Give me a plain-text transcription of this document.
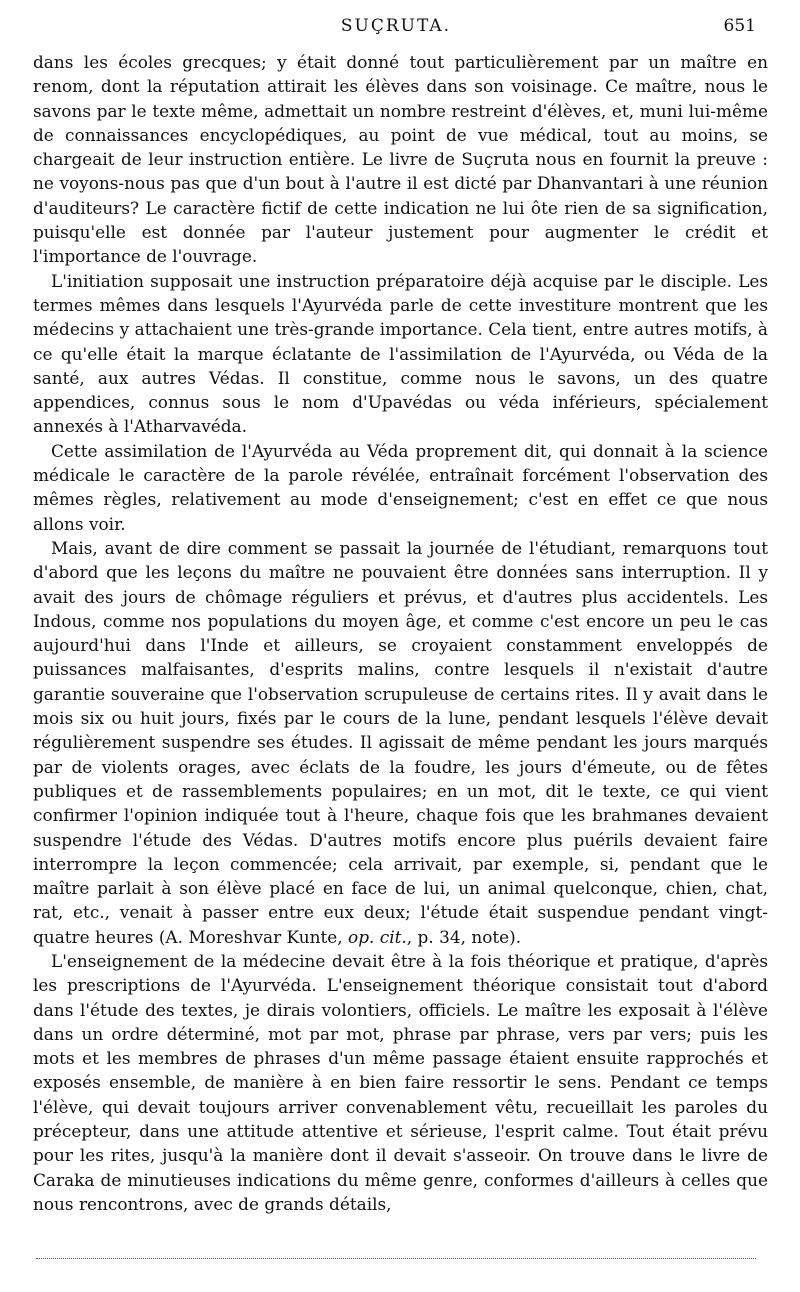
SUÇRUTA.	651

dans les écoles grecques; y était donné tout particulièrement par un maître en renom, dont la réputation attirait les élèves dans son voisinage. Ce maître, nous le savons par le texte même, admettait un nombre restreint d'élèves, et, muni lui-même de connaissances encyclopédiques, au point de vue médical, tout au moins, se chargeait de leur instruction entière. Le livre de Suçruta nous en fournit la preuve : ne voyons-nous pas que d'un bout à l'autre il est dicté par Dhanvantari à une réunion d'auditeurs? Le caractère fictif de cette indication ne lui ôte rien de sa signification, puisqu'elle est donnée par l'auteur justement pour augmenter le crédit et l'importance de l'ouvrage.

L'initiation supposait une instruction préparatoire déjà acquise par le disciple. Les termes mêmes dans lesquels l'Ayurvéda parle de cette investiture montrent que les médecins y attachaient une très-grande importance. Cela tient, entre autres motifs, à ce qu'elle était la marque éclatante de l'assimilation de l'Ayurvéda, ou Véda de la santé, aux autres Védas. Il constitue, comme nous le savons, un des quatre appendices, connus sous le nom d'Upavédas ou véda inférieurs, spécialement annexés à l'Atharvavéda.

Cette assimilation de l'Ayurvéda au Véda proprement dit, qui donnait à la science médicale le caractère de la parole révélée, entraînait forcément l'observation des mêmes règles, relativement au mode d'enseignement; c'est en effet ce que nous allons voir.

Mais, avant de dire comment se passait la journée de l'étudiant, remarquons tout d'abord que les leçons du maître ne pouvaient être données sans interruption. Il y avait des jours de chômage réguliers et prévus, et d'autres plus accidentels. Les Indous, comme nos populations du moyen âge, et comme c'est encore un peu le cas aujourd'hui dans l'Inde et ailleurs, se croyaient constamment enveloppés de puissances malfaisantes, d'esprits malins, contre lesquels il n'existait d'autre garantie souveraine que l'observation scrupuleuse de certains rites. Il y avait dans le mois six ou huit jours, fixés par le cours de la lune, pendant lesquels l'élève devait régulièrement suspendre ses études. Il agissait de même pendant les jours marqués par de violents orages, avec éclats de la foudre, les jours d'émeute, ou de fêtes publiques et de rassemblements populaires; en un mot, dit le texte, ce qui vient confirmer l'opinion indiquée tout à l'heure, chaque fois que les brahmanes devaient suspendre l'étude des Védas. D'autres motifs encore plus puérils devaient faire interrompre la leçon commencée; cela arrivait, par exemple, si, pendant que le maître parlait à son élève placé en face de lui, un animal quelconque, chien, chat, rat, etc., venait à passer entre eux deux; l'étude était suspendue pendant vingt-quatre heures (A. Moreshvar Kunte, op. cit., p. 34, note).

L'enseignement de la médecine devait être à la fois théorique et pratique, d'après les prescriptions de l'Ayurvéda. L'enseignement théorique consistait tout d'abord dans l'étude des textes, je dirais volontiers, officiels. Le maître les exposait à l'élève dans un ordre déterminé, mot par mot, phrase par phrase, vers par vers; puis les mots et les membres de phrases d'un même passage étaient ensuite rapprochés et exposés ensemble, de manière à en bien faire ressortir le sens. Pendant ce temps l'élève, qui devait toujours arriver convenablement vêtu, recueillait les paroles du précepteur, dans une attitude attentive et sérieuse, l'esprit calme. Tout était prévu pour les rites, jusqu'à la manière dont il devait s'asseoir. On trouve dans le livre de Caraka de minutieuses indications du même genre, conformes d'ailleurs à celles que nous rencontrons, avec de grands détails,
